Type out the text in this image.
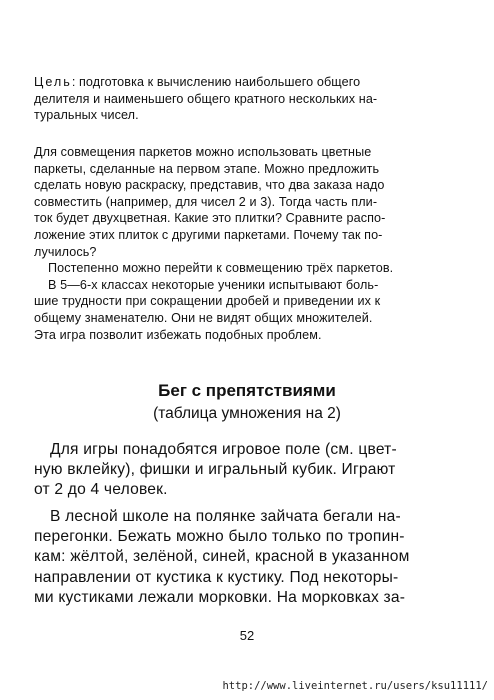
Цель: подготовка к вычислению наибольшего общего
делителя и наименьшего общего кратного нескольких на-
туральных чисел.
Для совмещения паркетов можно использовать цветные
паркеты, сделанные на первом этапе. Можно предложить
сделать новую раскраску, представив, что два заказа надо
совместить (например, для чисел 2 и 3). Тогда часть пли-
ток будет двухцветная. Какие это плитки? Сравните распо-
ложение этих плиток с другими паркетами. Почему так по-
лучилось?
Постепенно можно перейти к совмещению трёх паркетов.
В 5—6-х классах некоторые ученики испытывают боль-
шие трудности при сокращении дробей и приведении их к
общему знаменателю. Они не видят общих множителей.
Эта игра позволит избежать подобных проблем.
Бег с препятствиями
(таблица умножения на 2)
Для игры понадобятся игровое поле (см. цвет-
ную вклейку), фишки и игральный кубик. Играют
от 2 до 4 человек.
В лесной школе на полянке зайчата бегали на-
перегонки. Бежать можно было только по тропин-
кам: жёлтой, зелёной, синей, красной в указанном
направлении от кустика к кустику. Под некоторы-
ми кустиками лежали морковки. На морковках за-
52
http://www.liveinternet.ru/users/ksu11111/
